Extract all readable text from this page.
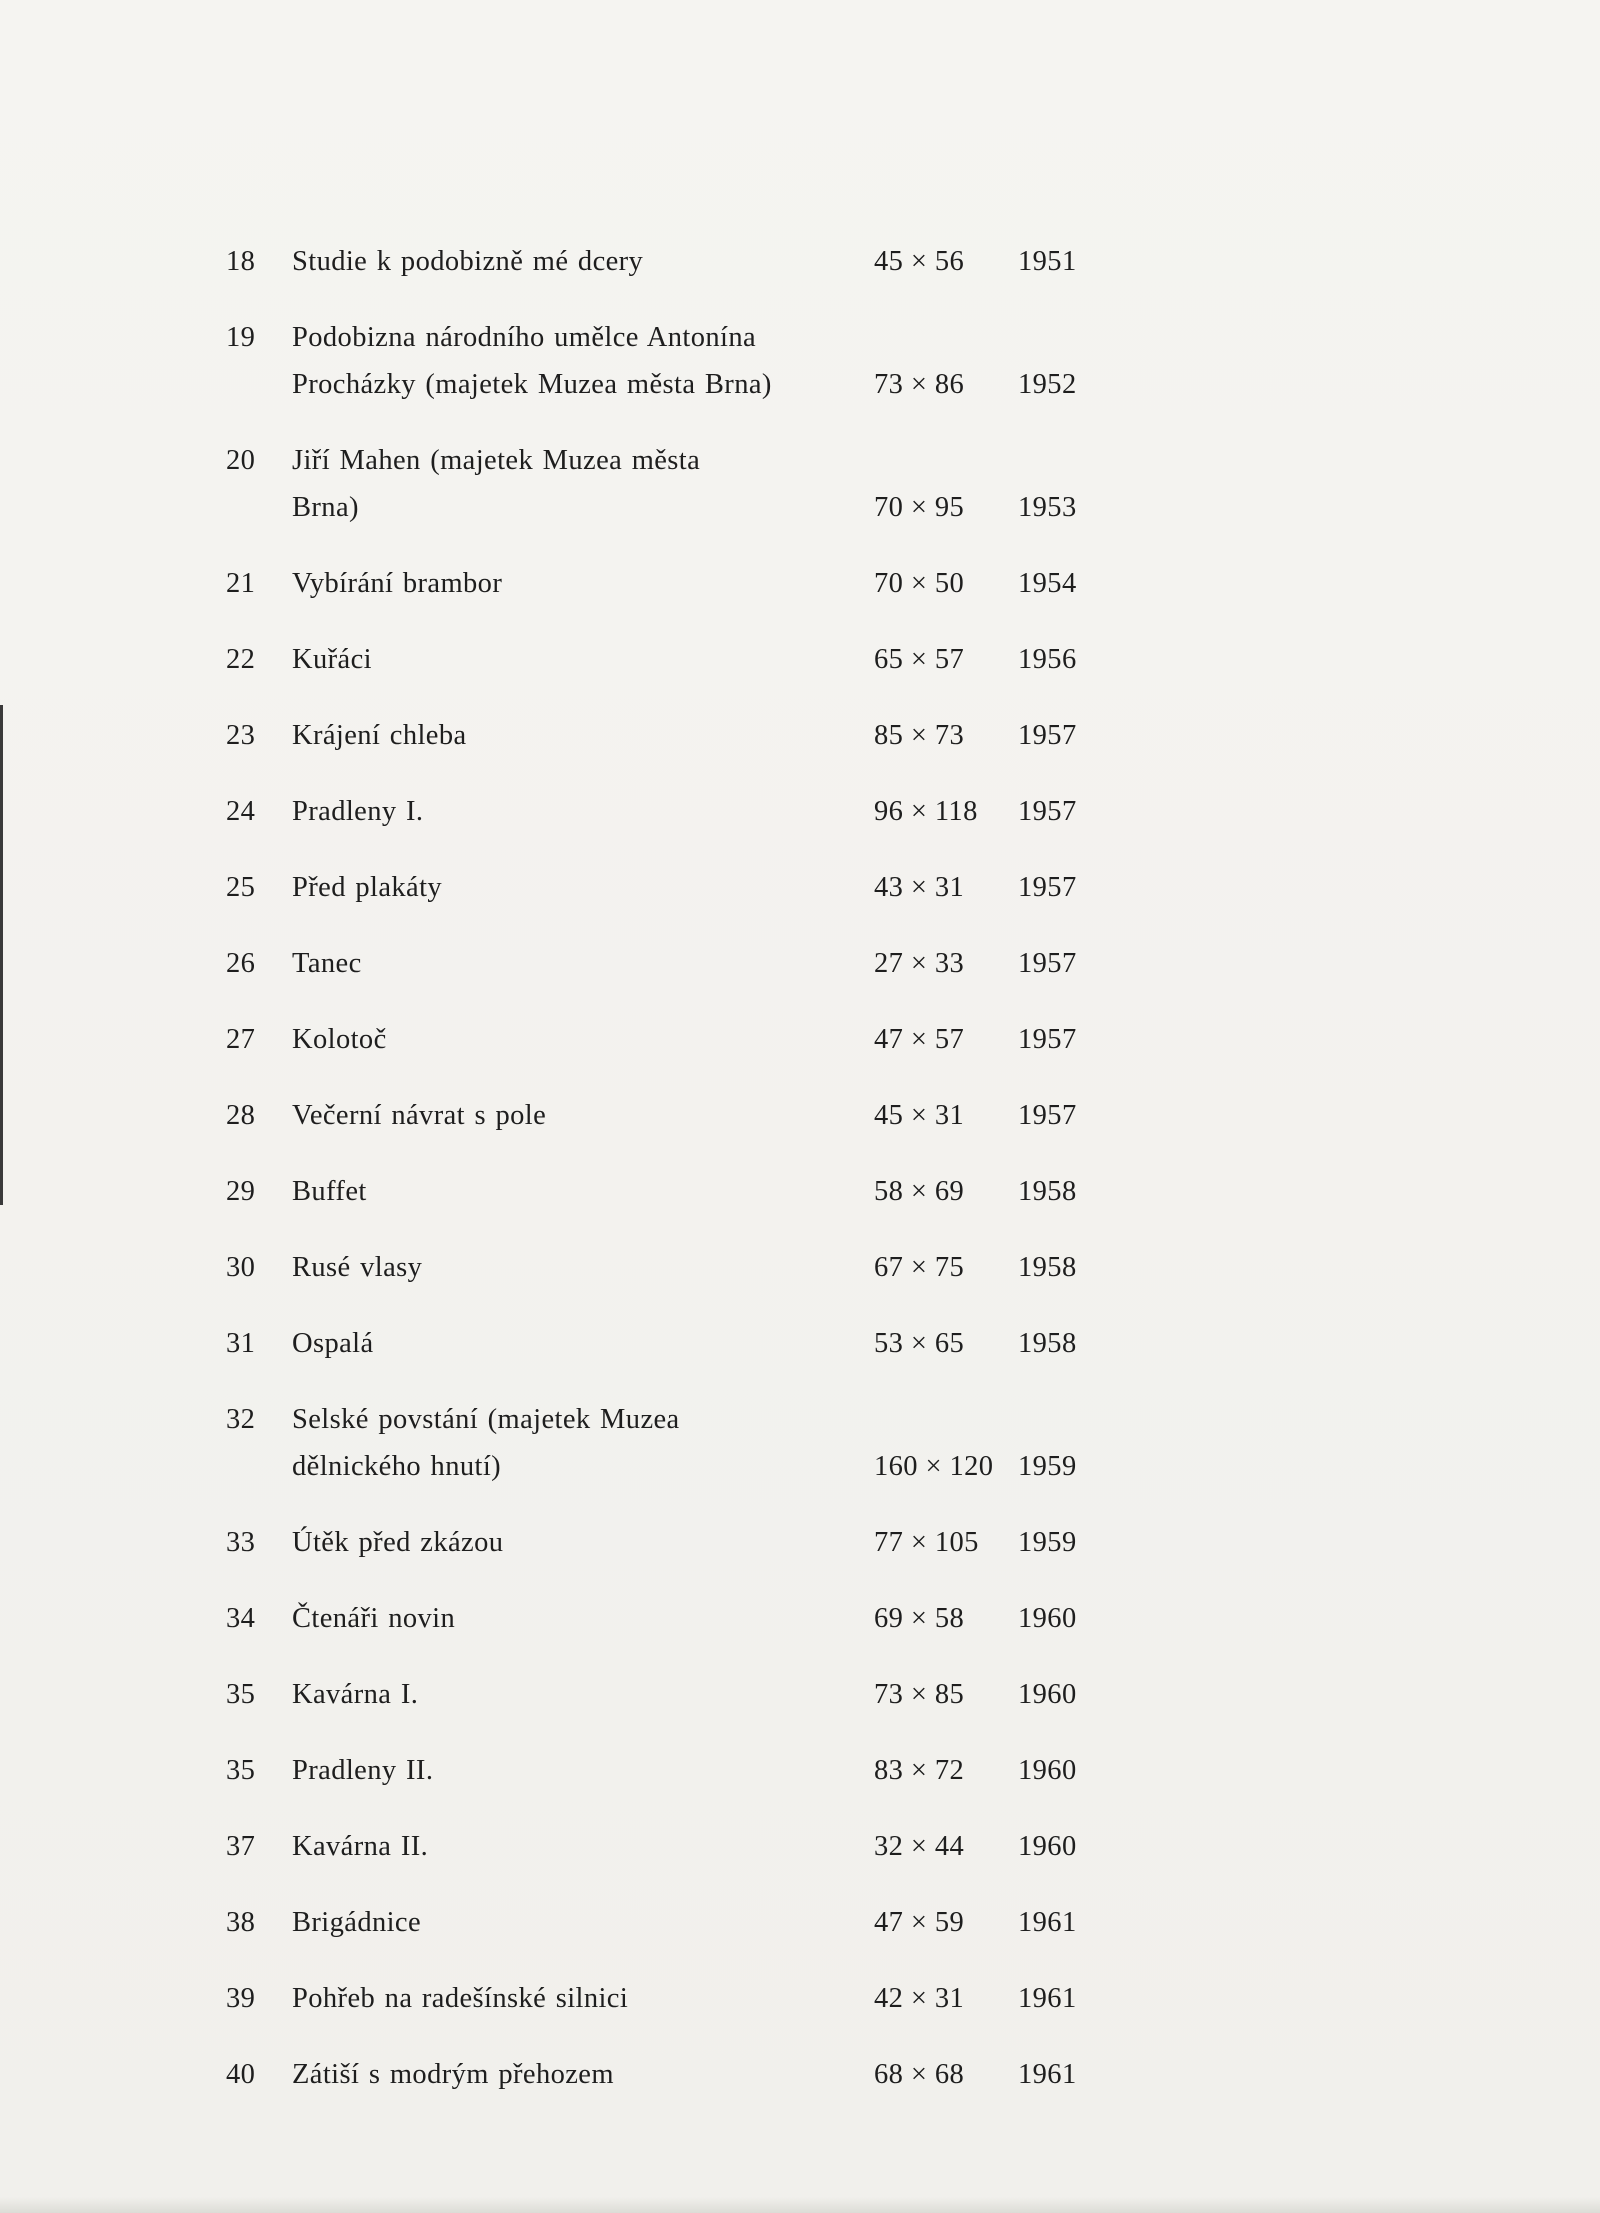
18	Studie k podobizně mé dcery	45 × 56	1951
19	Podobizna národního umělce Antonína
Procházky (majetek Muzea města Brna)	73 × 86	1952
20	Jiří Mahen (majetek Muzea města
Brna)	70 × 95	1953
21	Vybírání brambor	70 × 50	1954
22	Kuřáci	65 × 57	1956
23	Krájení chleba	85 × 73	1957
24	Pradleny I.	96 × 118	1957
25	Před plakáty	43 × 31	1957
26	Tanec	27 × 33	1957
27	Kolotoč	47 × 57	1957
28	Večerní návrat s pole	45 × 31	1957
29	Buffet	58 × 69	1958
30	Rusé vlasy	67 × 75	1958
31	Ospalá	53 × 65	1958
32	Selské povstání (majetek Muzea
dělnického hnutí)	160 × 120 1959
33	Útěk před zkázou	77 × 105	1959
34	Čtenáři novin	69 × 58	1960
35	Kavárna I.	73 × 85	1960
35	Pradleny II.	83 × 72	1960
37	Kavárna II.	32 × 44	1960
38	Brigádnice	47 × 59	1961
39	Pohřeb na radešínské silnici	42 × 31	1961
40	Zátiší s modrým přehozem	68 × 68	1961
